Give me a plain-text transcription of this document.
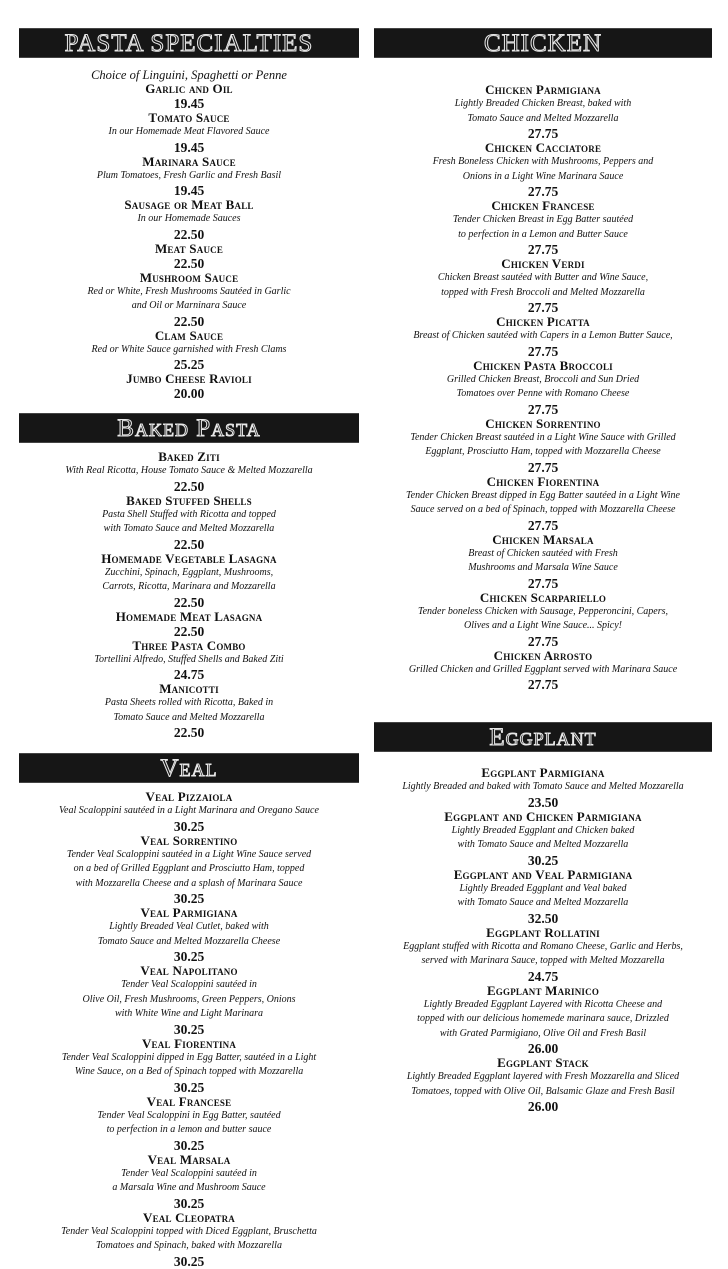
PASTA SPECIALTIES
Choice of Linguini, Spaghetti or Penne
Garlic and Oil
19.45
Tomato Sauce
In our Homemade Meat Flavored Sauce
19.45
Marinara Sauce
Plum Tomatoes, Fresh Garlic and Fresh Basil
19.45
Sausage or Meat Ball
In our Homemade Sauces
22.50
Meat Sauce
22.50
Mushroom Sauce
Red or White, Fresh Mushrooms Sautéed in Garlic
and Oil or Marninara Sauce
22.50
Clam Sauce
Red or White Sauce garnished with Fresh Clams
25.25
Jumbo Cheese Ravioli
20.00
Baked Pasta
Baked Ziti
With Real Ricotta, House Tomato Sauce & Melted Mozzarella
22.50
Baked Stuffed Shells
Pasta Shell Stuffed with Ricotta and topped
with Tomato Sauce and Melted Mozzarella
22.50
Homemade Vegetable Lasagna
Zucchini, Spinach, Eggplant, Mushrooms,
Carrots, Ricotta, Marinara and Mozzarella
22.50
Homemade Meat Lasagna
22.50
Three Pasta Combo
Tortellini Alfredo, Stuffed Shells and Baked Ziti
24.75
Manicotti
Pasta Sheets rolled with Ricotta, Baked in
Tomato Sauce and Melted Mozzarella
22.50
Veal
Veal Pizzaiola
Veal Scaloppini sautéed in a Light Marinara and Oregano Sauce
30.25
Veal Sorrentino
Tender Veal Scaloppini sautéed in a Light Wine Sauce served
on a bed of Grilled Eggplant and Prosciutto Ham, topped
with Mozzarella Cheese and a splash of Marinara Sauce
30.25
Veal Parmigiana
Lightly Breaded Veal Cutlet, baked with
Tomato Sauce and Melted Mozzarella Cheese
30.25
Veal Napolitano
Tender Veal Scaloppini sautéed in
Olive Oil, Fresh Mushrooms, Green Peppers, Onions
with White Wine and Light Marinara
30.25
Veal Fiorentina
Tender Veal Scaloppini dipped in Egg Batter, sautéed in a Light
Wine Sauce, on a Bed of Spinach topped with Mozzarella
30.25
Veal Francese
Tender Veal Scaloppini in Egg Batter, sautéed
to perfection in a lemon and butter sauce
30.25
Veal Marsala
Tender Veal Scaloppini sautéed in
a Marsala Wine and Mushroom Sauce
30.25
Veal Cleopatra
Tender Veal Scaloppini topped with Diced Eggplant, Bruschetta
Tomatoes and Spinach, baked with Mozzarella
30.25
CHICKEN
Chicken Parmigiana
Lightly Breaded Chicken Breast, baked with
Tomato Sauce and Melted Mozzarella
27.75
Chicken Cacciatore
Fresh Boneless Chicken with Mushrooms, Peppers and
Onions in a Light Wine Marinara Sauce
27.75
Chicken Francese
Tender Chicken Breast in Egg Batter sautéed
to perfection in a Lemon and Butter Sauce
27.75
Chicken Verdi
Chicken Breast sautéed with Butter and Wine Sauce,
topped with Fresh Broccoli and Melted Mozzarella
27.75
Chicken Picatta
Breast of Chicken sautéed with Capers in a Lemon Butter Sauce,
27.75
Chicken Pasta Broccoli
Grilled Chicken Breast, Broccoli and Sun Dried
Tomatoes over Penne with Romano Cheese
27.75
Chicken Sorrentino
Tender Chicken Breast sautéed in a Light Wine Sauce with Grilled
Eggplant, Prosciutto Ham, topped with Mozzarella Cheese
27.75
Chicken Fiorentina
Tender Chicken Breast dipped in Egg Batter sautéed in a Light Wine
Sauce served on a bed of Spinach, topped with Mozzarella Cheese
27.75
Chicken Marsala
Breast of Chicken sautéed with Fresh
Mushrooms and Marsala Wine Sauce
27.75
Chicken Scarpariello
Tender boneless Chicken with Sausage, Pepperoncini, Capers,
Olives and a Light Wine Sauce... Spicy!
27.75
Chicken Arrosto
Grilled Chicken and Grilled Eggplant served with Marinara Sauce
27.75
Eggplant
Eggplant Parmigiana
Lightly Breaded and baked with Tomato Sauce and Melted Mozzarella
23.50
Eggplant and Chicken Parmigiana
Lightly Breaded Eggplant and Chicken baked
with Tomato Sauce and Melted Mozzarella
30.25
Eggplant and Veal Parmigiana
Lightly Breaded Eggplant and Veal baked
with Tomato Sauce and Melted Mozzarella
32.50
Eggplant Rollatini
Eggplant stuffed with Ricotta and Romano Cheese, Garlic and Herbs,
served with Marinara Sauce, topped with Melted Mozzarella
24.75
Eggplant Marinico
Lightly Breaded Eggplant Layered with Ricotta Cheese and
topped with our delicious homemede marinara sauce, Drizzled
with Grated Parmigiano, Olive Oil and Fresh Basil
26.00
Eggplant Stack
Lightly Breaded Eggplant layered with Fresh Mozzarella and Sliced
Tomatoes, topped with Olive Oil, Balsamic Glaze and Fresh Basil
26.00
